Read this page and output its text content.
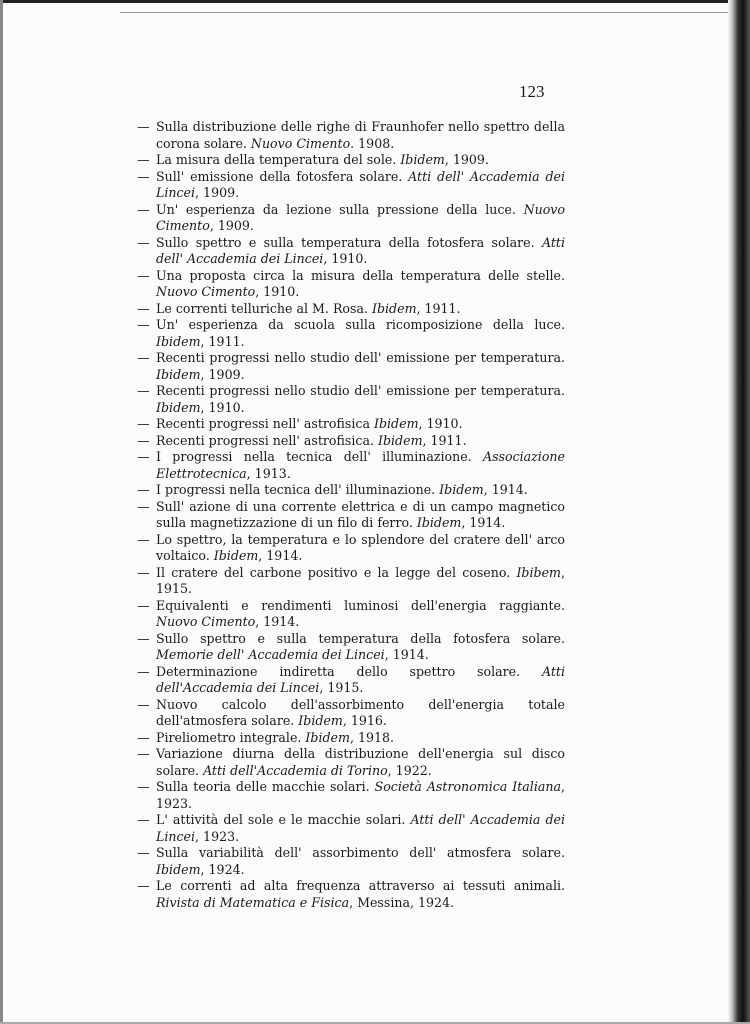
123
— Sulla distribuzione delle righe di Fraunhofer nello spettro della corona solare. Nuovo Cimento. 1908.
— La misura della temperatura del sole. Ibidem, 1909.
— Sull' emissione della fotosfera solare. Atti dell' Accademia dei Lincei, 1909.
— Un' esperienza da lezione sulla pressione della luce. Nuovo Cimento, 1909.
— Sullo spettro e sulla temperatura della fotosfera solare. Atti dell' Accademia dei Lincei, 1910.
— Una proposta circa la misura della temperatura delle stelle. Nuovo Cimento, 1910.
— Le correnti telluriche al M. Rosa. Ibidem, 1911.
— Un' esperienza da scuola sulla ricomposizione della luce. Ibidem, 1911.
— Recenti progressi nello studio dell' emissione per temperatura. Ibidem, 1909.
— Recenti progressi nello studio dell' emissione per temperatura. Ibidem, 1910.
— Recenti progressi nell' astrofisica Ibidem, 1910.
— Recenti progressi nell' astrofisica. Ibidem, 1911.
— I progressi nella tecnica dell' illuminazione. Associazione Elettrotecnica, 1913.
— I progressi nella tecnica dell' illuminazione. Ibidem, 1914.
— Sull' azione di una corrente elettrica e di un campo magnetico sulla magnetizzazione di un filo di ferro. Ibidem, 1914.
— Lo spettro, la temperatura e lo splendore del cratere dell' arco voltaico. Ibidem, 1914.
— Il cratere del carbone positivo e la legge del coseno. Ibibem, 1915.
— Equivalenti e rendimenti luminosi dell'energia raggiante. Nuovo Cimento, 1914.
— Sullo spettro e sulla temperatura della fotosfera solare. Memorie dell' Accademia dei Lincei, 1914.
— Determinazione indiretta dello spettro solare. Atti dell'Accademia dei Lincei, 1915.
— Nuovo calcolo dell'assorbimento dell'energia totale dell'atmosfera solare. Ibidem, 1916.
— Pireliometro integrale. Ibidem, 1918.
— Variazione diurna della distribuzione dell'energia sul disco solare. Atti dell'Accademia di Torino, 1922.
— Sulla teoria delle macchie solari. Società Astronomica Italiana, 1923.
— L' attività del sole e le macchie solari. Atti dell' Accademia dei Lincei, 1923.
— Sulla variabilità dell' assorbimento dell' atmosfera solare. Ibidem, 1924.
— Le correnti ad alta frequenza attraverso ai tessuti animali. Rivista di Matematica e Fisica, Messina, 1924.
